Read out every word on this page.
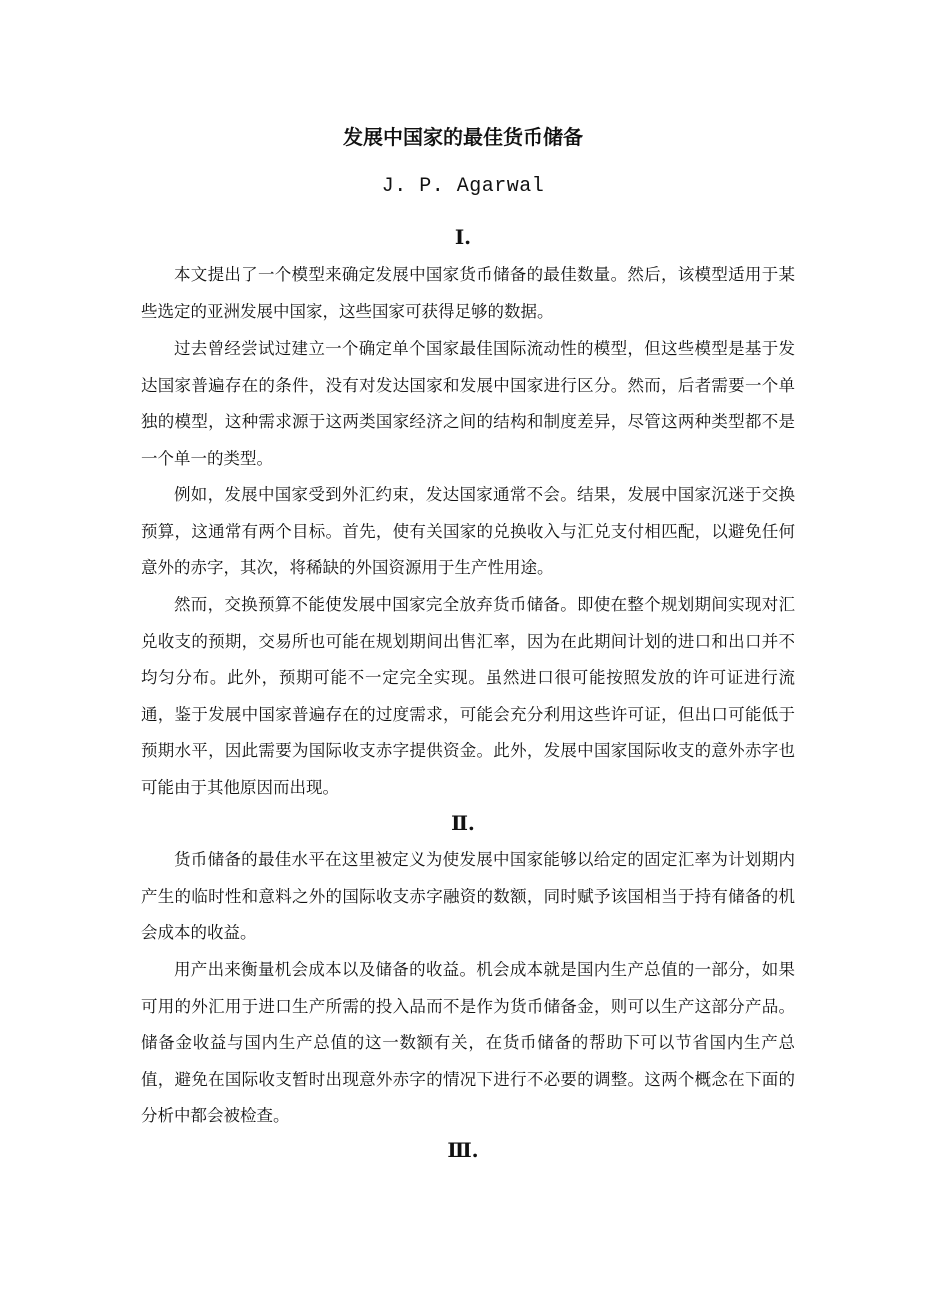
发展中国家的最佳货币储备
J. P. Agarwal
Ⅰ.

本文提出了一个模型来确定发展中国家货币储备的最佳数量。然后，该模型适用于某些选定的亚洲发展中国家，这些国家可获得足够的数据。

过去曾经尝试过建立一个确定单个国家最佳国际流动性的模型，但这些模型是基于发达国家普遍存在的条件，没有对发达国家和发展中国家进行区分。然而，后者需要一个单独的模型，这种需求源于这两类国家经济之间的结构和制度差异，尽管这两种类型都不是一个单一的类型。

例如，发展中国家受到外汇约束，发达国家通常不会。结果，发展中国家沉迷于交换预算，这通常有两个目标。首先，使有关国家的兑换收入与汇兑支付相匹配，以避免任何意外的赤字，其次，将稀缺的外国资源用于生产性用途。

然而，交换预算不能使发展中国家完全放弃货币储备。即使在整个规划期间实现对汇兑收支的预期，交易所也可能在规划期间出售汇率，因为在此期间计划的进口和出口并不均匀分布。此外，预期可能不一定完全实现。虽然进口很可能按照发放的许可证进行流通，鉴于发展中国家普遍存在的过度需求，可能会充分利用这些许可证，但出口可能低于预期水平，因此需要为国际收支赤字提供资金。此外，发展中国家国际收支的意外赤字也可能由于其他原因而出现。

Ⅱ.

货币储备的最佳水平在这里被定义为使发展中国家能够以给定的固定汇率为计划期内产生的临时性和意料之外的国际收支赤字融资的数额，同时赋予该国相当于持有储备的机会成本的收益。

用产出来衡量机会成本以及储备的收益。机会成本就是国内生产总值的一部分，如果可用的外汇用于进口生产所需的投入品而不是作为货币储备金，则可以生产这部分产品。储备金收益与国内生产总值的这一数额有关，在货币储备的帮助下可以节省国内生产总值，避免在国际收支暂时出现意外赤字的情况下进行不必要的调整。这两个概念在下面的分析中都会被检查。

Ⅲ.
